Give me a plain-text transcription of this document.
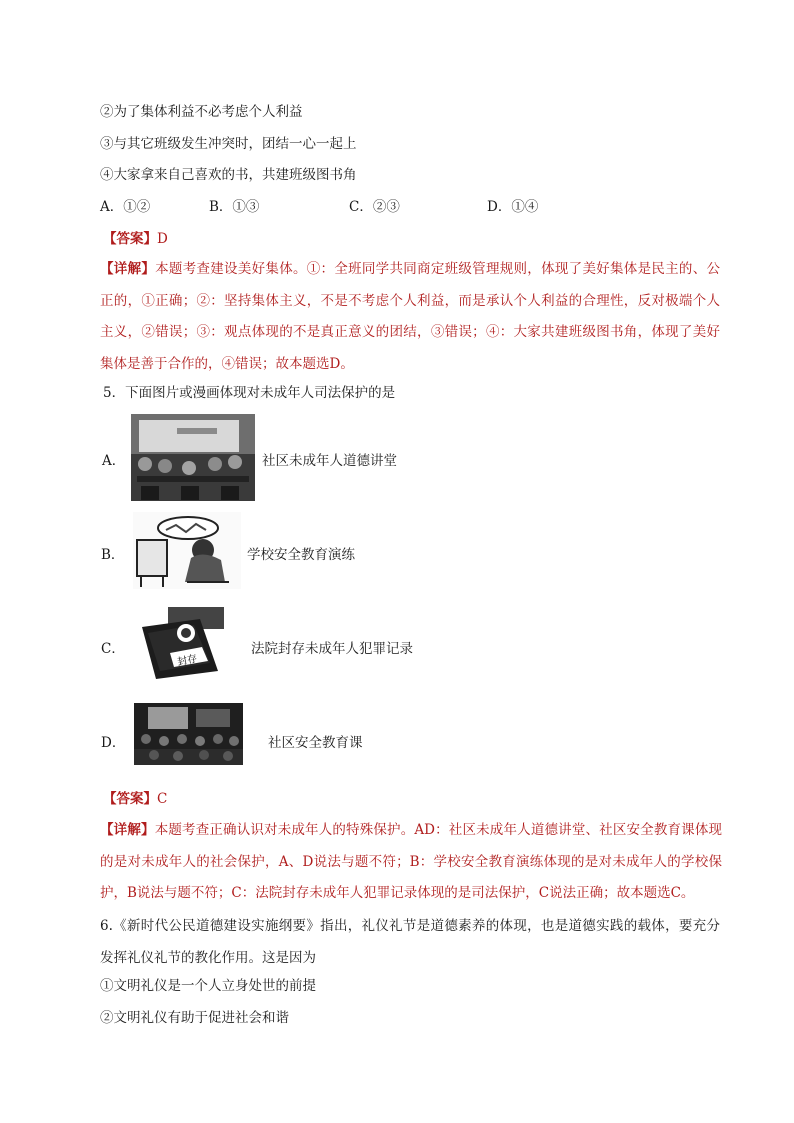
②为了集体利益不必考虑个人利益
③与其它班级发生冲突时，团结一心一起上
④大家拿来自己喜欢的书，共建班级图书角
A．①②	B．①③	C．②③	D．①④
【答案】D
【详解】本题考查建设美好集体。①：全班同学共同商定班级管理规则，体现了美好集体是民主的、公正的，①正确；②：坚持集体主义，不是不考虑个人利益，而是承认个人利益的合理性，反对极端个人主义，②错误；③：观点体现的不是真正意义的团结，③错误；④：大家共建班级图书角，体现了美好集体是善于合作的，④错误；故本题选D。
5．下面图片或漫画体现对未成年人司法保护的是
A．	社区未成年人道德讲堂
B．	学校安全教育演练
C．
封存
法院封存未成年人犯罪记录
D．	社区安全教育课
【答案】C
【详解】本题考查正确认识对未成年人的特殊保护。AD：社区未成年人道德讲堂、社区安全教育课体现的是对未成年人的社会保护，A、D说法与题不符；B：学校安全教育演练体现的是对未成年人的学校保护，B说法与题不符；C：法院封存未成年人犯罪记录体现的是司法保护，C说法正确；故本题选C。
6.《新时代公民道德建设实施纲要》指出，礼仪礼节是道德素养的体现，也是道德实践的载体，要充分发挥礼仪礼节的教化作用。这是因为
①文明礼仪是一个人立身处世的前提
②文明礼仪有助于促进社会和谐
